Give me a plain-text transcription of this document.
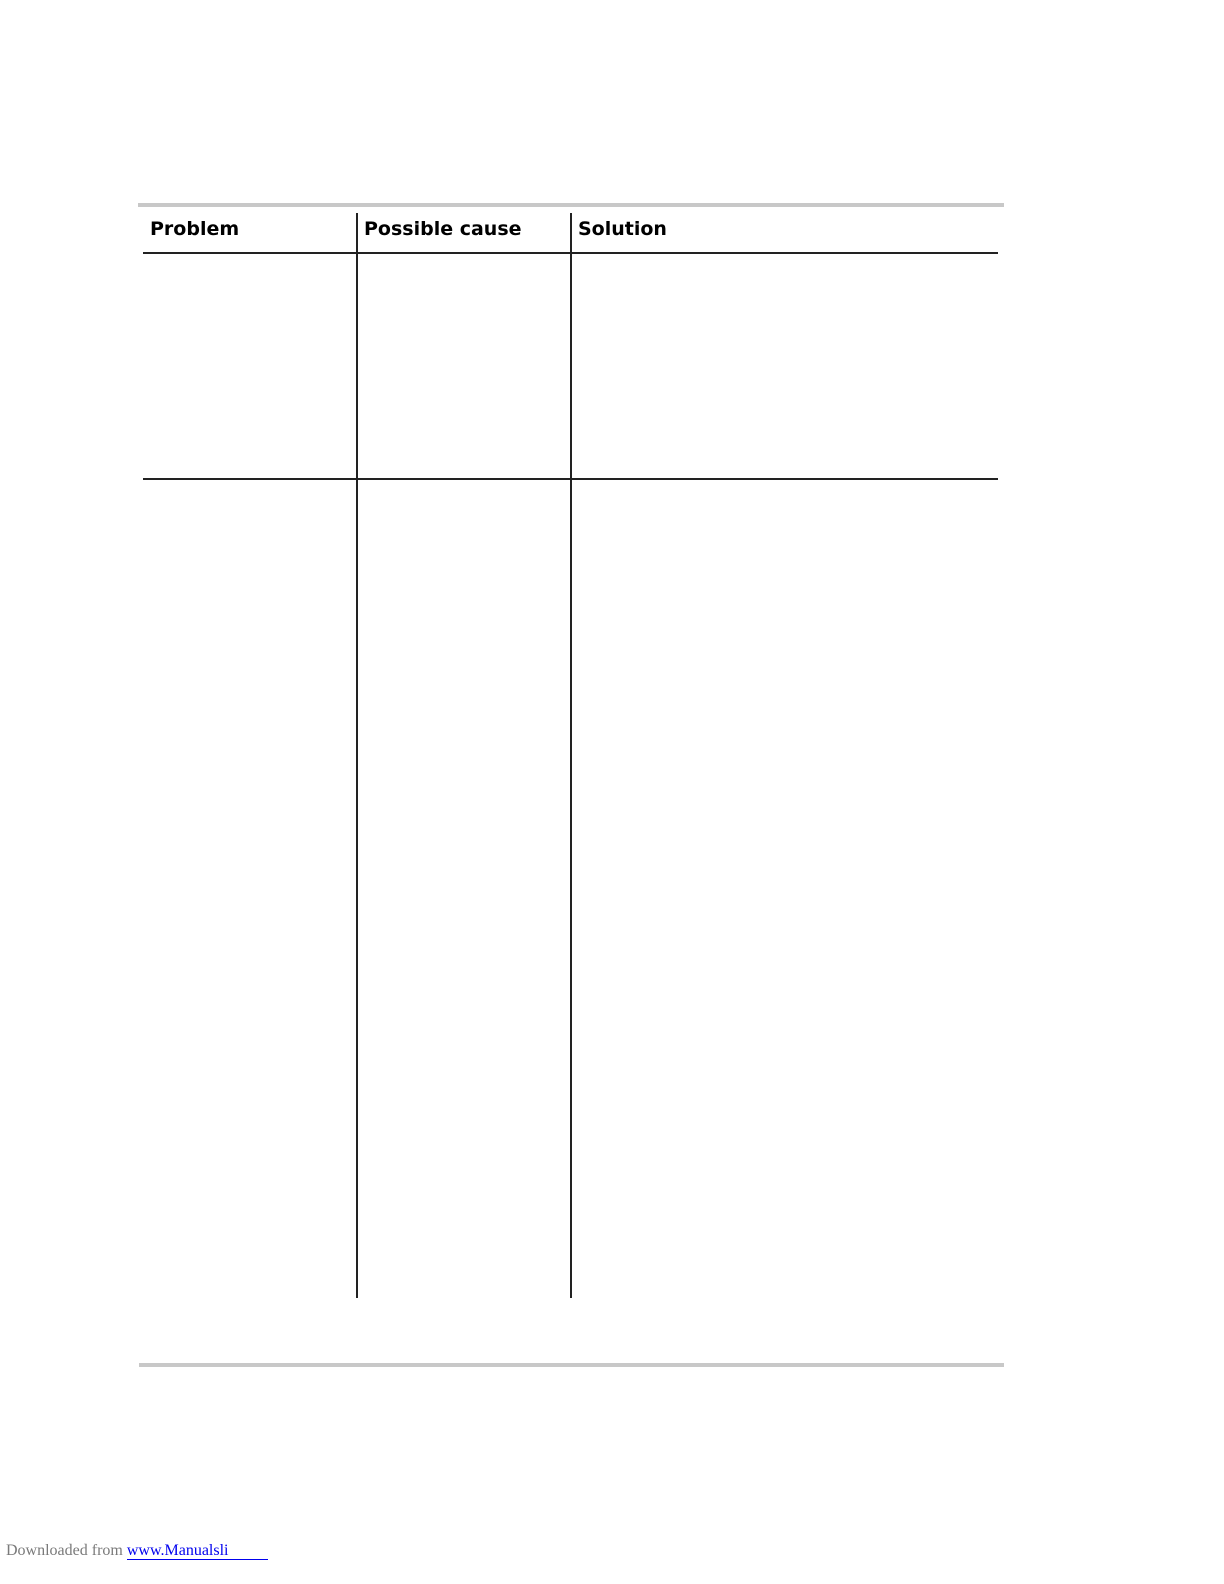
Problem	Possible cause	Solution
Downloaded from www.Manualsli
